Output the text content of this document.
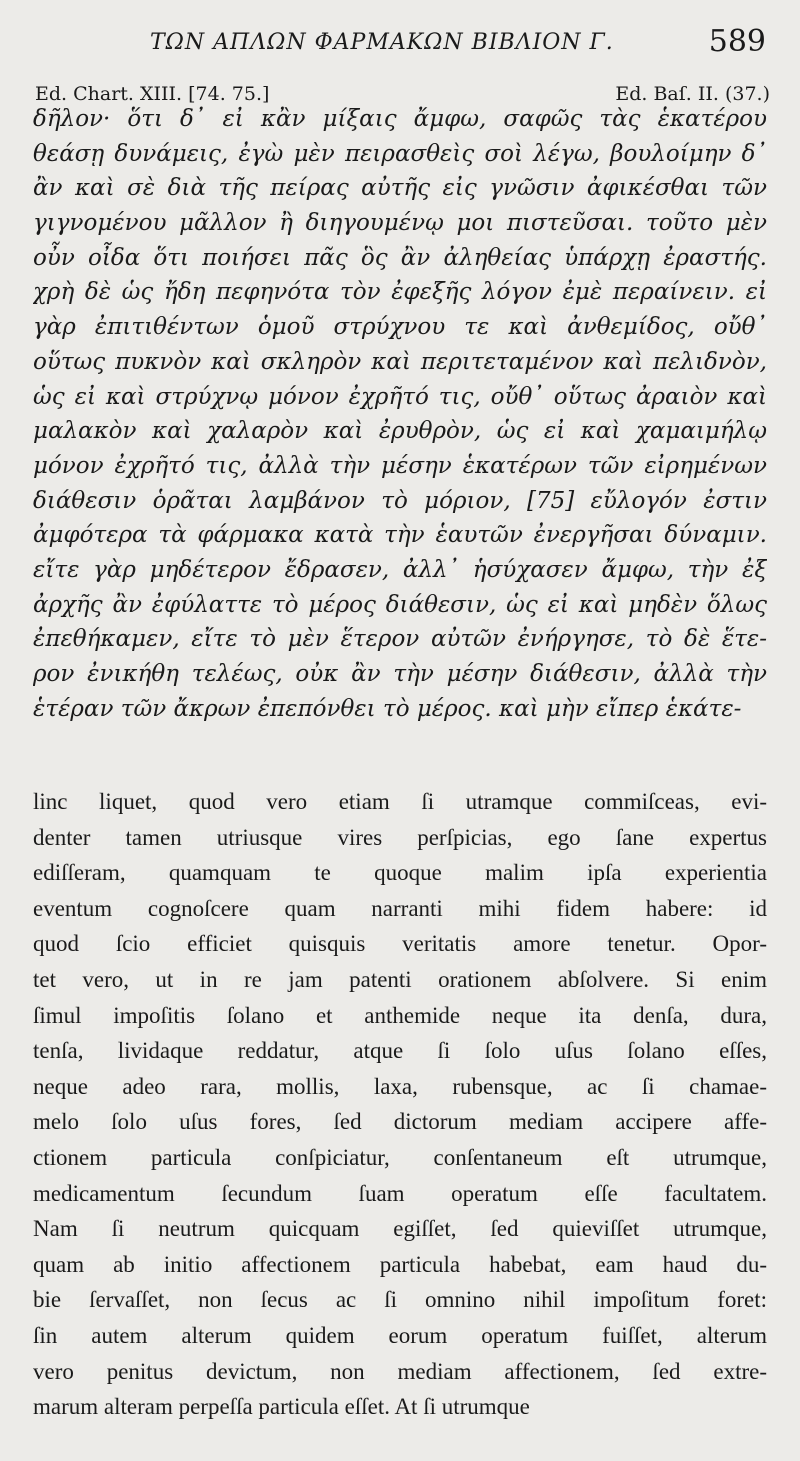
ΤΩΝ ΑΠΛΩΝ ΦΑΡΜΑΚΩΝ ΒΙΒΛΙΟΝ Γ.	589
Ed. Chart. XIII. [74. 75.]	Ed. Baſ. II. (37.)
δῆλον· ὅτι δ᾽ εἰ κἂν μίξαις ἄμφω, σαφῶς τὰς ἑκατέρου
θεάσῃ δυνάμεις, ἐγὼ μὲν πειρασθεὶς σοὶ λέγω, βουλοίμην δ᾽
ἂν καὶ σὲ διὰ τῆς πείρας αὐτῆς εἰς γνῶσιν ἀφικέσθαι τῶν
γιγνομένου μᾶλλον ἢ διηγουμένῳ μοι πιστεῦσαι. τοῦτο μὲν
οὖν οἶδα ὅτι ποιήσει πᾶς ὃς ἂν ἀληθείας ὑπάρχῃ ἐραστής.
χρὴ δὲ ὡς ἤδη πεφηνότα τὸν ἐφεξῆς λόγον ἐμὲ περαίνειν. εἰ
γὰρ ἐπιτιθέντων ὁμοῦ στρύχνου τε καὶ ἀνθεμίδος, οὔθ᾽
οὕτως πυκνὸν καὶ σκληρὸν καὶ περιτεταμένον καὶ πελιδνὸν,
ὡς εἰ καὶ στρύχνῳ μόνον ἐχρῆτό τις, οὔθ᾽ οὕτως ἀραιὸν καὶ
μαλακὸν καὶ χαλαρὸν καὶ ἐρυθρὸν, ὡς εἰ καὶ χαμαιμήλῳ
μόνον ἐχρῆτό τις, ἀλλὰ τὴν μέσην ἑκατέρων τῶν εἰρημένων
διάθεσιν ὁρᾶται λαμβάνον τὸ μόριον, [75] εὔλογόν ἐστιν
ἀμφότερα τὰ φάρμακα κατὰ τὴν ἑαυτῶν ἐνεργῆσαι δύναμιν.
εἴτε γὰρ μηδέτερον ἔδρασεν, ἀλλ᾽ ἡσύχασεν ἄμφω, τὴν ἐξ
ἀρχῆς ἂν ἐφύλαττε τὸ μέρος διάθεσιν, ὡς εἰ καὶ μηδὲν ὅλως
ἐπεθήκαμεν, εἴτε τὸ μὲν ἕτερον αὐτῶν ἐνήργησε, τὸ δὲ ἕτε-
ρον ἐνικήθη τελέως, οὐκ ἂν τὴν μέσην διάθεσιν, ἀλλὰ τὴν
ἑτέραν τῶν ἄκρων ἐπεπόνθει τὸ μέρος. καὶ μὴν εἴπερ ἑκάτε-
linc liquet, quod vero etiam ſi utramque commiſceas, evi-
denter tamen utriusque vires perſpicias, ego ſane expertus
ediſſeram, quamquam te quoque malim ipſa experientia
eventum cognoſcere quam narranti mihi fidem habere: id
quod ſcio efficiet quisquis veritatis amore tenetur. Opor-
tet vero, ut in re jam patenti orationem abſolvere. Si enim
ſimul impoſitis ſolano et anthemide neque ita denſa, dura,
tenſa, lividaque reddatur, atque ſi ſolo uſus ſolano eſſes,
neque adeo rara, mollis, laxa, rubensque, ac ſi chamae-
melo ſolo uſus fores, ſed dictorum mediam accipere affe-
ctionem particula conſpiciatur, conſentaneum eſt utrumque,
medicamentum ſecundum ſuam operatum eſſe facultatem.
Nam ſi neutrum quicquam egiſſet, ſed quieviſſet utrumque,
quam ab initio affectionem particula habebat, eam haud du-
bie ſervaſſet, non ſecus ac ſi omnino nihil impoſitum foret:
ſin autem alterum quidem eorum operatum fuiſſet, alterum
vero penitus devictum, non mediam affectionem, ſed extre-
marum alteram perpeſſa particula eſſet. At ſi utrumque
